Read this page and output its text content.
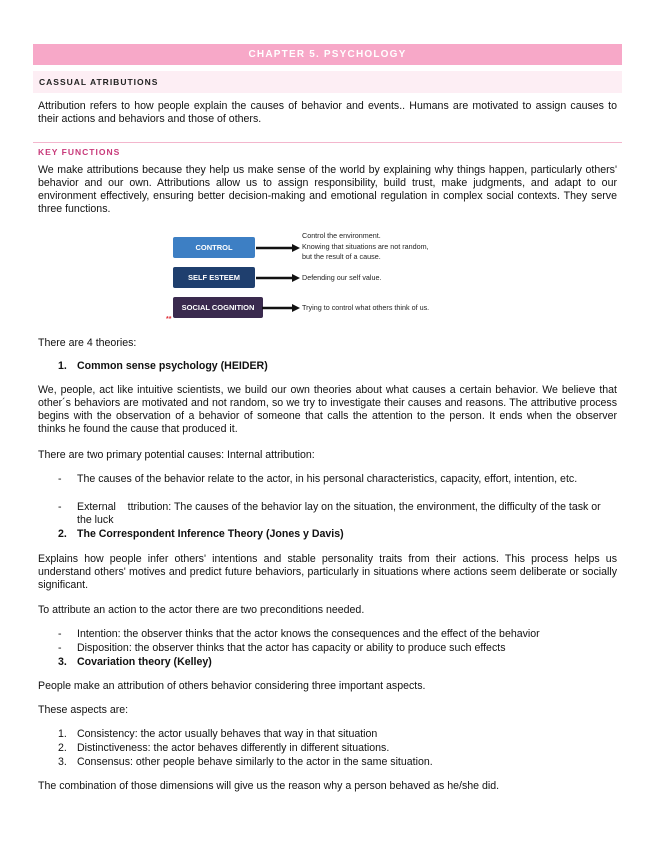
CHAPTER 5. PSYCHOLOGY
CASSUAL ATRIBUTIONS
Attribution refers to how people explain the causes of behavior and events.. Humans are motivated to assign causes to their actions and behaviors and those of others.
KEY FUNCTIONS
We make attributions because they help us make sense of the world by explaining why things happen, particularly others' behavior and our own. Attributions allow us to assign responsibility, build trust, make judgments, and adapt to our environment effectively, ensuring better decision-making and emotional regulation in complex social contexts. They serve three functions.
CONTROL
Control the environment.
Knowing that situations are not random,
but the result of a cause.
SELF ESTEEM	Defending our self value.
SOCIAL COGNITION	Trying to control what others think of us.
**
There are 4 theories:
1. Common sense psychology (HEIDER)
We, people, act like intuitive scientists, we build our own theories about what causes a certain behavior. We believe that other´s behaviors are motivated and not random, so we try to investigate their causes and reasons. The attributive process begins with the observation of a behavior of someone that calls the attention to the person. It ends when the observer thinks he found the cause that produced it.
There are two primary potential causes: Internal attribution:
- The causes of the behavior relate to the actor, in his personal characteristics, capacity, effort, intention, etc.
- External    ttribution: The causes of the behavior lay on the situation, the environment, the difficulty of the task or the luck
2. The Correspondent Inference Theory (Jones y Davis)
Explains how people infer others' intentions and stable personality traits from their actions. This process helps us understand others' motives and predict future behaviors, particularly in situations where actions seem deliberate or socially significant.
To attribute an action to the actor there are two preconditions needed.
- Intention: the observer thinks that the actor knows the consequences and the effect of the behavior
- Disposition: the observer thinks that the actor has capacity or ability to produce such effects
3. Covariation theory (Kelley)
People make an attribution of others behavior considering three important aspects.
These aspects are:
1. Consistency: the actor usually behaves that way in that situation
2. Distinctiveness: the actor behaves differently in different situations.
3. Consensus: other people behave similarly to the actor in the same situation.
The combination of those dimensions will give us the reason why a person behaved as he/she did.
